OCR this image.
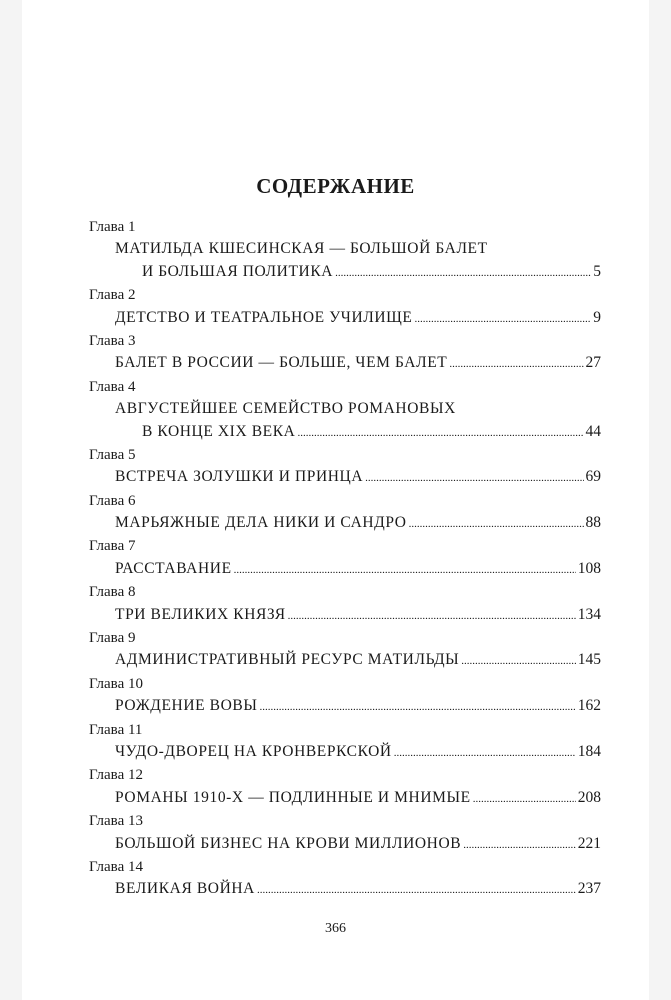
СОДЕРЖАНИЕ
Глава 1
МАТИЛЬДА КШЕСИНСКАЯ — БОЛЬШОЙ БАЛЕТ
И БОЛЬШАЯ ПОЛИТИКА .....	5
Глава 2
ДЕТСТВО И ТЕАТРАЛЬНОЕ УЧИЛИЩЕ .....	9
Глава 3
БАЛЕТ В РОССИИ — БОЛЬШЕ, ЧЕМ БАЛЕТ .....	27
Глава 4
АВГУСТЕЙШЕЕ СЕМЕЙСТВО РОМАНОВЫХ
В КОНЦЕ XIX ВЕКА .....	44
Глава 5
ВСТРЕЧА ЗОЛУШКИ И ПРИНЦА .....	69
Глава 6
МАРЬЯЖНЫЕ ДЕЛА НИКИ И САНДРО .....	88
Глава 7
РАССТАВАНИЕ .....	108
Глава 8
ТРИ ВЕЛИКИХ КНЯЗЯ .....	134
Глава 9
АДМИНИСТРАТИВНЫЙ РЕСУРС МАТИЛЬДЫ .....	145
Глава 10
РОЖДЕНИЕ ВОВЫ .....	162
Глава 11
ЧУДО-ДВОРЕЦ НА КРОНВЕРКСКОЙ .....	184
Глава 12
РОМАНЫ 1910-Х — ПОДЛИННЫЕ И МНИМЫЕ .....	208
Глава 13
БОЛЬШОЙ БИЗНЕС НА КРОВИ МИЛЛИОНОВ .....	221
Глава 14
ВЕЛИКАЯ ВОЙНА .....	237
366
